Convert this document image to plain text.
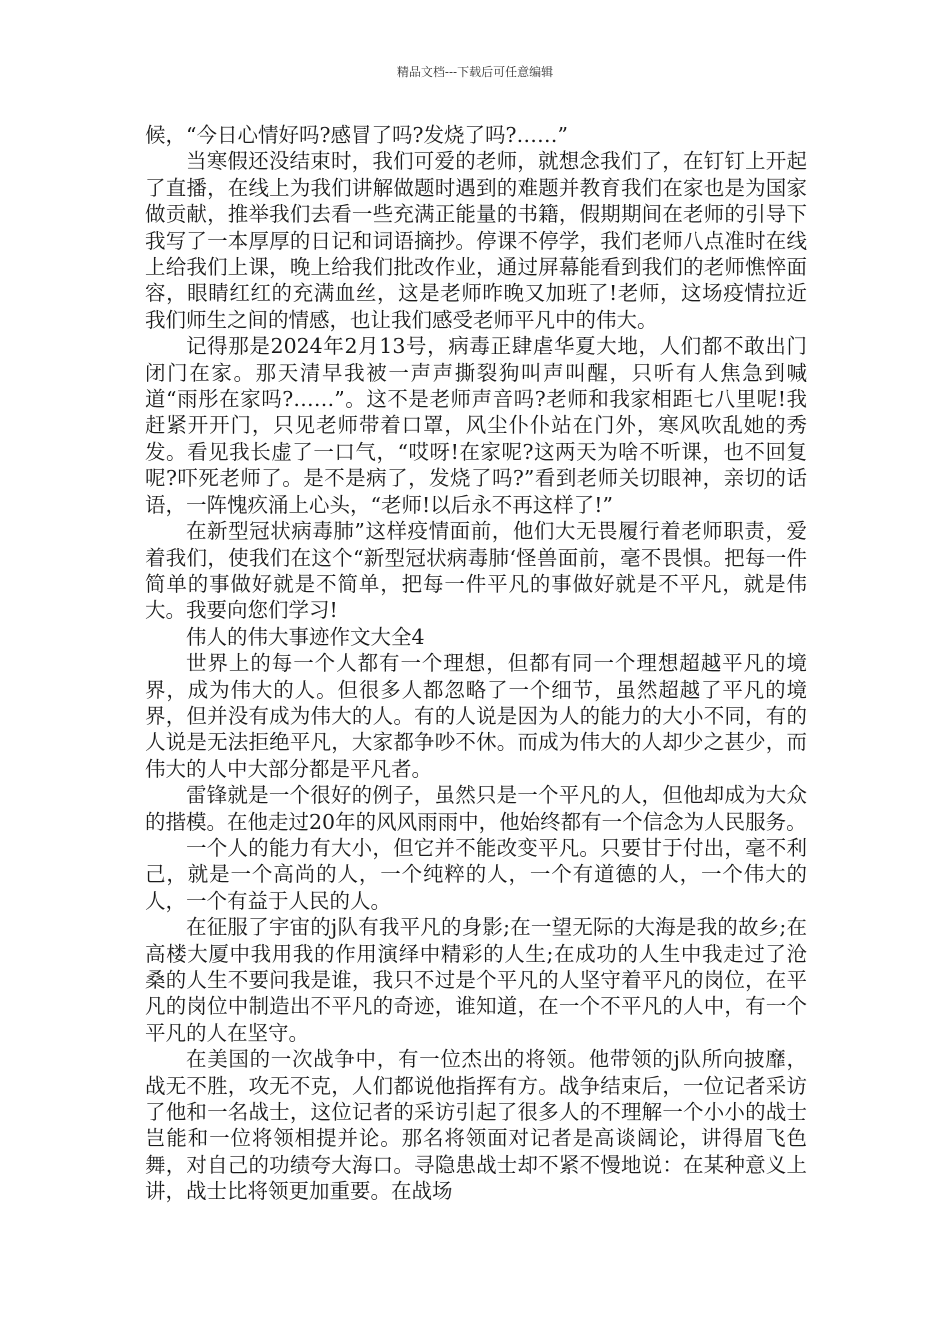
精品文档---下载后可任意编辑

候，“今日心情好吗?感冒了吗?发烧了吗?……”

当寒假还没结束时，我们可爱的老师，就想念我们了，在钉钉上开起了直播，在线上为我们讲解做题时遇到的难题并教育我们在家也是为国家做贡献，推举我们去看一些充满正能量的书籍，假期期间在老师的引导下我写了一本厚厚的日记和词语摘抄。停课不停学，我们老师八点准时在线上给我们上课，晚上给我们批改作业，通过屏幕能看到我们的老师憔悴面容，眼睛红红的充满血丝，这是老师昨晚又加班了!老师，这场疫情拉近我们师生之间的情感，也让我们感受老师平凡中的伟大。

记得那是2024年2月13号，病毒正肆虐华夏大地，人们都不敢出门闭门在家。那天清早我被一声声撕裂狗叫声叫醒，只听有人焦急到喊道“雨彤在家吗?……”。这不是老师声音吗?老师和我家相距七八里呢!我赶紧开开门，只见老师带着口罩，风尘仆仆站在门外，寒风吹乱她的秀发。看见我长虚了一口气，“哎呀!在家呢?这两天为啥不听课，也不回复呢?吓死老师了。是不是病了，发烧了吗?”看到老师关切眼神，亲切的话语，一阵愧疚涌上心头，“老师!以后永不再这样了!”

在新型冠状病毒肺”这样疫情面前，他们大无畏履行着老师职责，爱着我们，使我们在这个“新型冠状病毒肺‘怪兽面前，毫不畏惧。把每一件简单的事做好就是不简单，把每一件平凡的事做好就是不平凡，就是伟大。我要向您们学习!

伟人的伟大事迹作文大全4

世界上的每一个人都有一个理想，但都有同一个理想超越平凡的境界，成为伟大的人。但很多人都忽略了一个细节，虽然超越了平凡的境界，但并没有成为伟大的人。有的人说是因为人的能力的大小不同，有的人说是无法拒绝平凡，大家都争吵不休。而成为伟大的人却少之甚少，而伟大的人中大部分都是平凡者。

雷锋就是一个很好的例子，虽然只是一个平凡的人，但他却成为大众的揩模。在他走过20年的风风雨雨中，他始终都有一个信念为人民服务。

一个人的能力有大小，但它并不能改变平凡。只要甘于付出，毫不利己，就是一个高尚的人，一个纯粹的人，一个有道德的人，一个伟大的人，一个有益于人民的人。

在征服了宇宙的j队有我平凡的身影;在一望无际的大海是我的故乡;在高楼大厦中我用我的作用演绎中精彩的人生;在成功的人生中我走过了沧桑的人生不要问我是谁，我只不过是个平凡的人坚守着平凡的岗位，在平凡的岗位中制造出不平凡的奇迹，谁知道，在一个不平凡的人中，有一个平凡的人在坚守。

在美国的一次战争中，有一位杰出的将领。他带领的j队所向披靡，战无不胜，攻无不克，人们都说他指挥有方。战争结束后，一位记者采访了他和一名战士，这位记者的采访引起了很多人的不理解一个小小的战士岂能和一位将领相提并论。那名将领面对记者是高谈阔论，讲得眉飞色舞，对自己的功绩夸大海口。寻隐患战士却不紧不慢地说：在某种意义上讲，战士比将领更加重要。在战场
